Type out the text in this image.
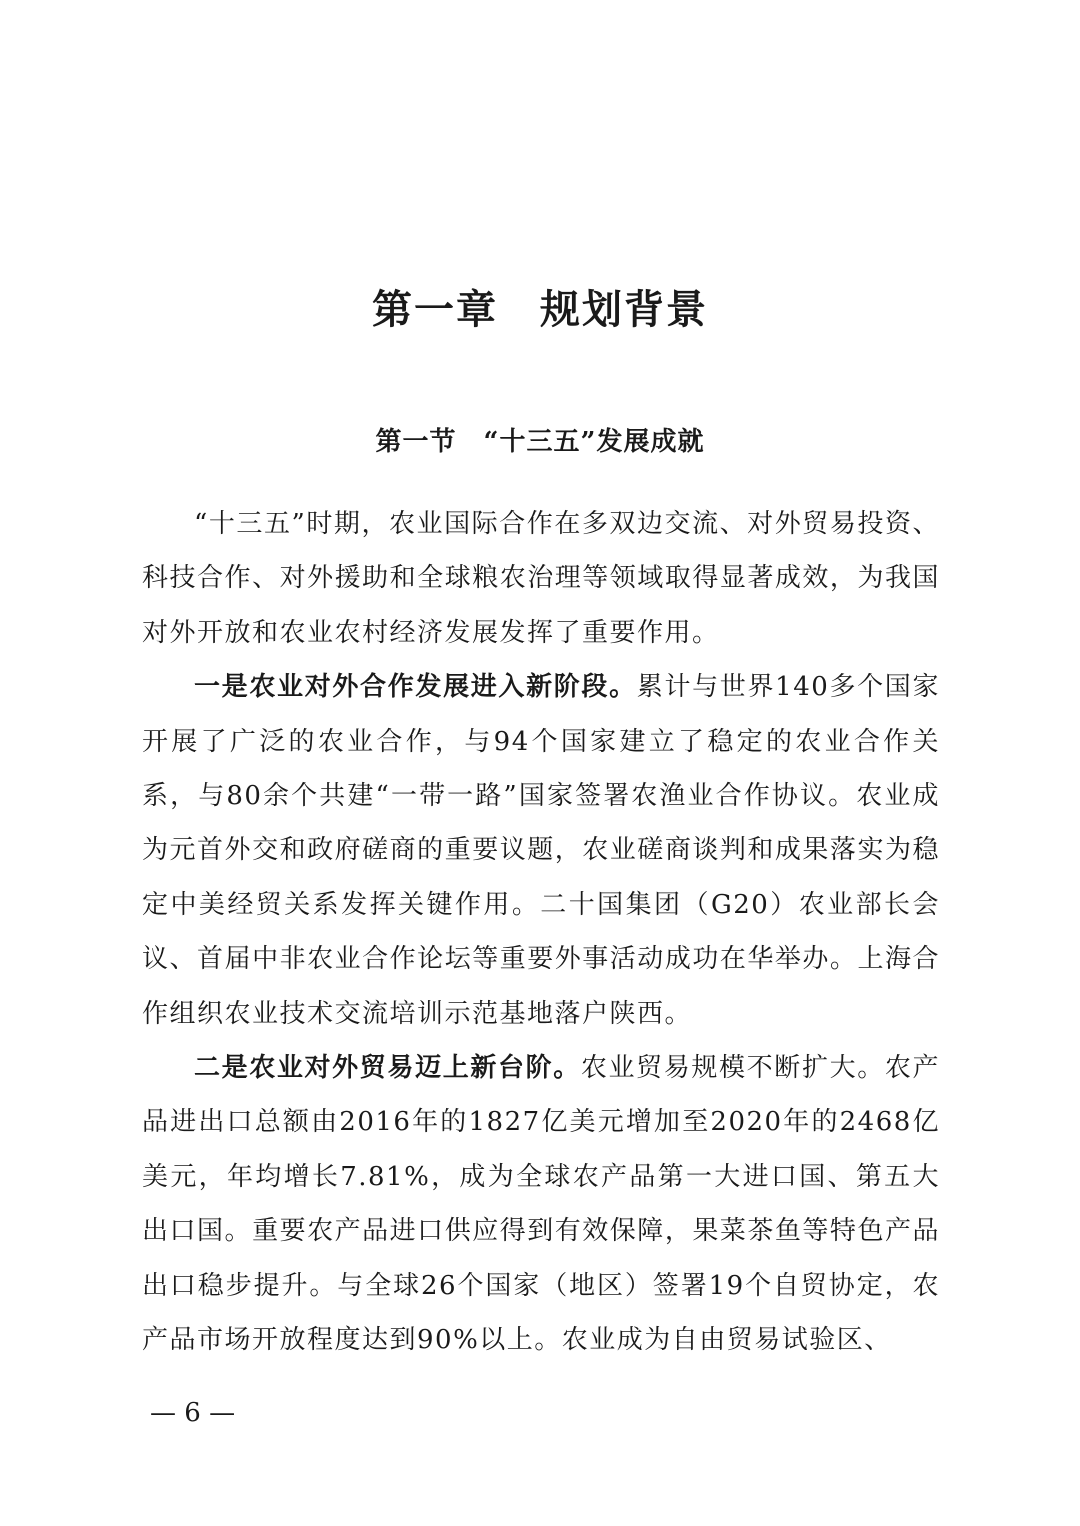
第一章　规划背景
第一节　“十三五”发展成就

“十三五”时期，农业国际合作在多双边交流、对外贸易投资、科技合作、对外援助和全球粮农治理等领域取得显著成效，为我国对外开放和农业农村经济发展发挥了重要作用。

一是农业对外合作发展进入新阶段。累计与世界140多个国家开展了广泛的农业合作，与94个国家建立了稳定的农业合作关系，与80余个共建“一带一路”国家签署农渔业合作协议。农业成为元首外交和政府磋商的重要议题，农业磋商谈判和成果落实为稳定中美经贸关系发挥关键作用。二十国集团（G20）农业部长会议、首届中非农业合作论坛等重要外事活动成功在华举办。上海合作组织农业技术交流培训示范基地落户陕西。

二是农业对外贸易迈上新台阶。农业贸易规模不断扩大。农产品进出口总额由2016年的1827亿美元增加至2020年的2468亿美元，年均增长7.81%，成为全球农产品第一大进口国、第五大出口国。重要农产品进口供应得到有效保障，果菜茶鱼等特色产品出口稳步提升。与全球26个国家（地区）签署19个自贸协定，农产品市场开放程度达到90%以上。农业成为自由贸易试验区、

— 6 —
